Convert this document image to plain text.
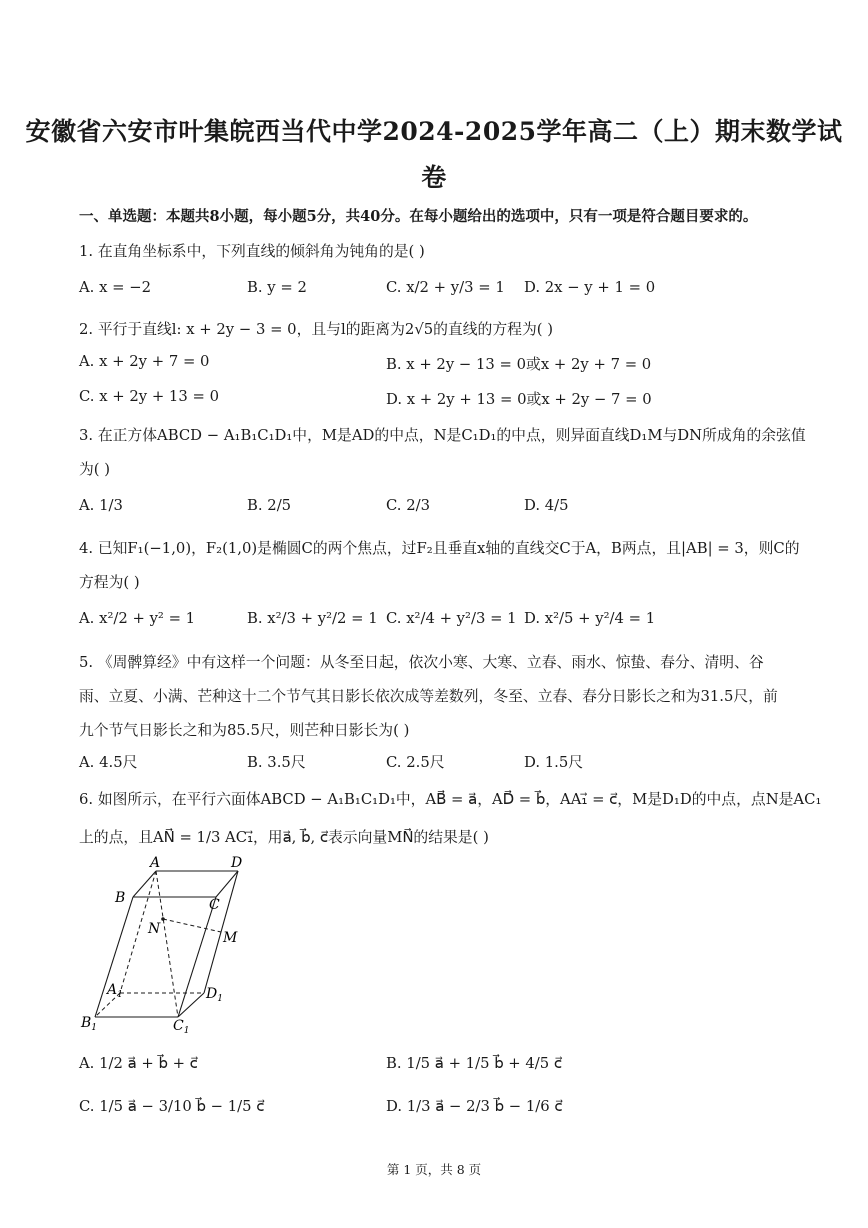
安徽省六安市叶集皖西当代中学2024-2025学年高二（上）期末数学试
卷
一、单选题：本题共8小题，每小题5分，共40分。在每小题给出的选项中，只有一项是符合题目要求的。
1. 在直角坐标系中，下列直线的倾斜角为钝角的是( )
A. x = −2	B. y = 2	C. x/2 + y/3 = 1 D. 2x − y + 1 = 0
2. 平行于直线l: x + 2y − 3 = 0，且与l的距离为2√5的直线的方程为( )
A. x + 2y + 7 = 0	B. x + 2y − 13 = 0或x + 2y + 7 = 0
C. x + 2y + 13 = 0	D. x + 2y + 13 = 0或x + 2y − 7 = 0
3. 在正方体ABCD − A₁B₁C₁D₁中，M是AD的中点，N是C₁D₁的中点，则异面直线D₁M与DN所成角的余弦值
为( )
A. 1/3	B. 2/5	C. 2/3	D. 4/5
4. 已知F₁(−1,0)，F₂(1,0)是椭圆C的两个焦点，过F₂且垂直x轴的直线交C于A，B两点，且|AB| = 3，则C的
方程为( )
A. x²/2 + y² = 1	B. x²/3 + y²/2 = 1 C. x²/4 + y²/3 = 1 D. x²/5 + y²/4 = 1
5. 《周髀算经》中有这样一个问题：从冬至日起，依次小寒、大寒、立春、雨水、惊蛰、春分、清明、谷
雨、立夏、小满、芒种这十二个节气其日影长依次成等差数列，冬至、立春、春分日影长之和为31.5尺，前
九个节气日影长之和为85.5尺，则芒种日影长为( )
A. 4.5尺	B. 3.5尺	C. 2.5尺	D. 1.5尺
6. 如图所示，在平行六面体ABCD − A₁B₁C₁D₁中，AB⃗ = a⃗，AD⃗ = b⃗，AA₁⃗ = c⃗，M是D₁D的中点，点N是AC₁
上的点，且AN⃗ = 1/3 AC₁⃗，用a⃗, b⃗, c⃗表示向量MN⃗的结果是( )
A	D
B	C
N
M
$A_1$	$D_1$
$B_1$	$C_1$
A. 1/2 a⃗ + b⃗ + c⃗	B. 1/5 a⃗ + 1/5 b⃗ + 4/5 c⃗
C. 1/5 a⃗ − 3/10 b⃗ − 1/5 c⃗	D. 1/3 a⃗ − 2/3 b⃗ − 1/6 c⃗
第 1 页，共 8 页
